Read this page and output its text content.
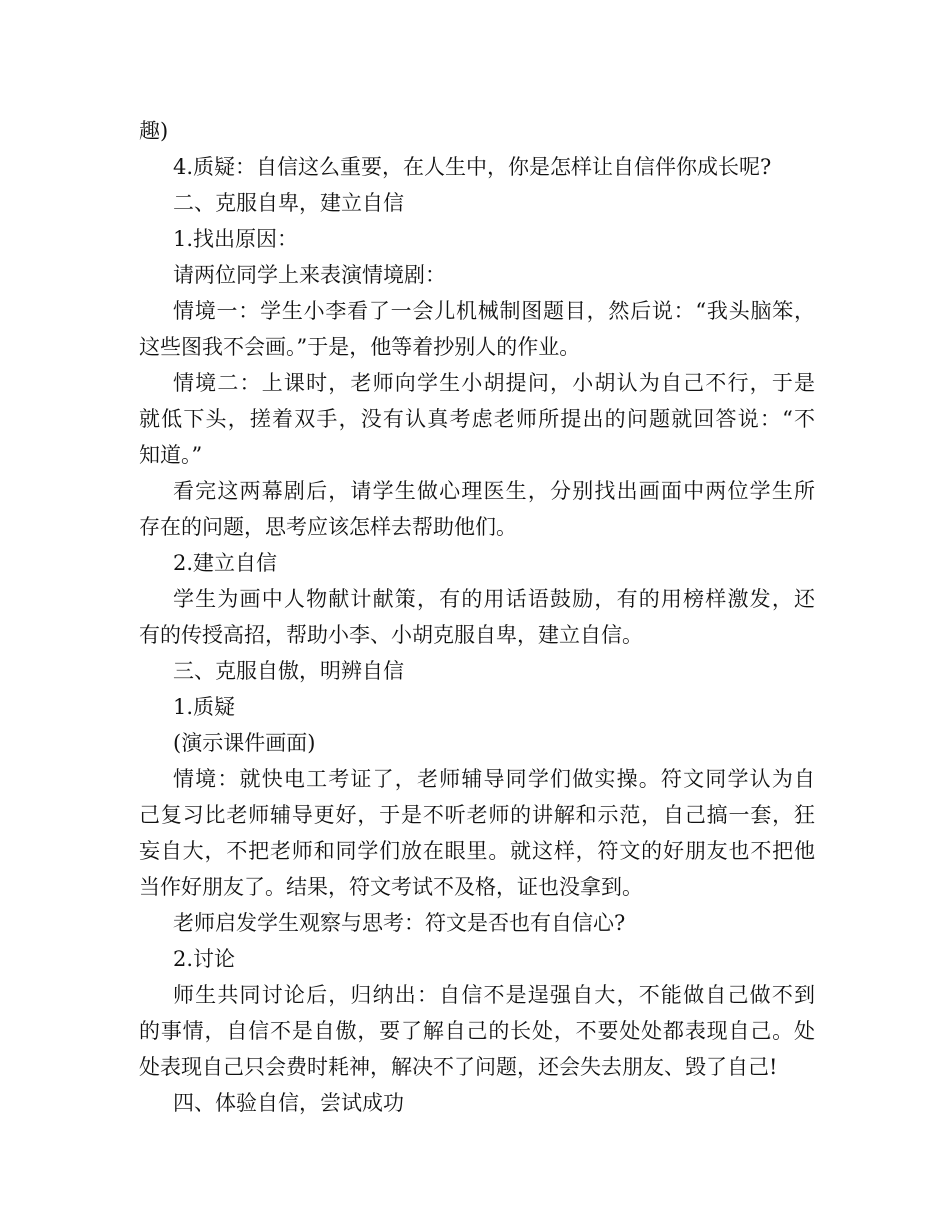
趣)

4.质疑：自信这么重要，在人生中，你是怎样让自信伴你成长呢?

二、克服自卑，建立自信

1.找出原因：

请两位同学上来表演情境剧：

情境一：学生小李看了一会儿机械制图题目，然后说：“我头脑笨，

这些图我不会画。”于是，他等着抄别人的作业。

情境二：上课时，老师向学生小胡提问，小胡认为自己不行，于是

就低下头，搓着双手，没有认真考虑老师所提出的问题就回答说：“不

知道。”

看完这两幕剧后，请学生做心理医生，分别找出画面中两位学生所

存在的问题，思考应该怎样去帮助他们。

2.建立自信

学生为画中人物献计献策，有的用话语鼓励，有的用榜样激发，还

有的传授高招，帮助小李、小胡克服自卑，建立自信。

三、克服自傲，明辨自信

1.质疑

(演示课件画面)

情境：就快电工考证了，老师辅导同学们做实操。符文同学认为自

己复习比老师辅导更好，于是不听老师的讲解和示范，自己搞一套，狂

妄自大，不把老师和同学们放在眼里。就这样，符文的好朋友也不把他

当作好朋友了。结果，符文考试不及格，证也没拿到。

老师启发学生观察与思考：符文是否也有自信心?

2.讨论

师生共同讨论后，归纳出：自信不是逞强自大，不能做自己做不到

的事情，自信不是自傲，要了解自己的长处，不要处处都表现自己。处

处表现自己只会费时耗神，解决不了问题，还会失去朋友、毁了自己!

四、体验自信，尝试成功
